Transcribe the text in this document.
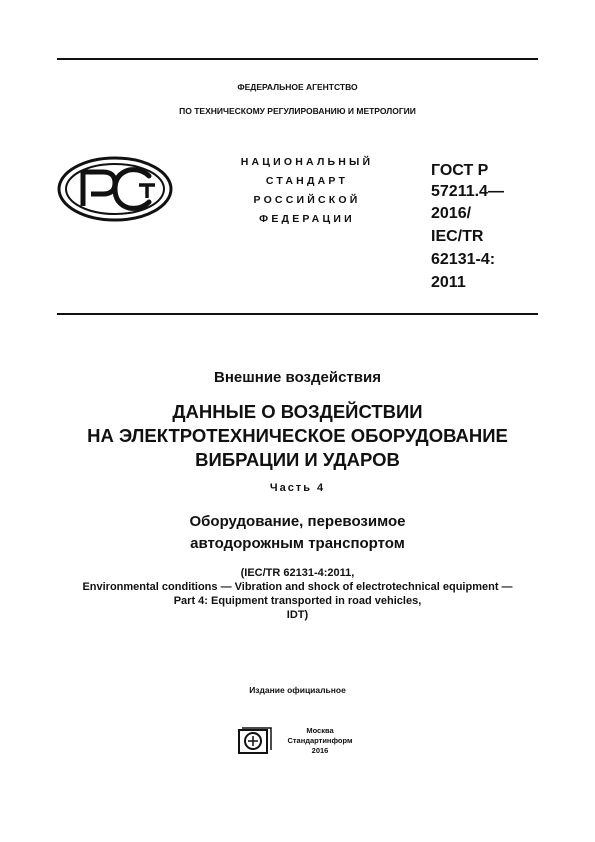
ФЕДЕРАЛЬНОЕ АГЕНТСТВО
ПО ТЕХНИЧЕСКОМУ РЕГУЛИРОВАНИЮ И МЕТРОЛОГИИ
НАЦИОНАЛЬНЫЙ
СТАНДАРТ
РОССИЙСКОЙ
ФЕДЕРАЦИИ
ГОСТ Р
57211.4—
2016/
IEC/TR
62131-4:
2011
Внешние воздействия
ДАННЫЕ О ВОЗДЕЙСТВИИ
НА ЭЛЕКТРОТЕХНИЧЕСКОЕ ОБОРУДОВАНИЕ
ВИБРАЦИИ И УДАРОВ
Часть 4
Оборудование, перевозимое
автодорожным транспортом
(IEC/TR 62131-4:2011,
Environmental conditions — Vibration and shock of electrotechnical equipment —
Part 4: Equipment transported in road vehicles,
IDT)
Издание официальное
Москва
Стандартинформ
2016
